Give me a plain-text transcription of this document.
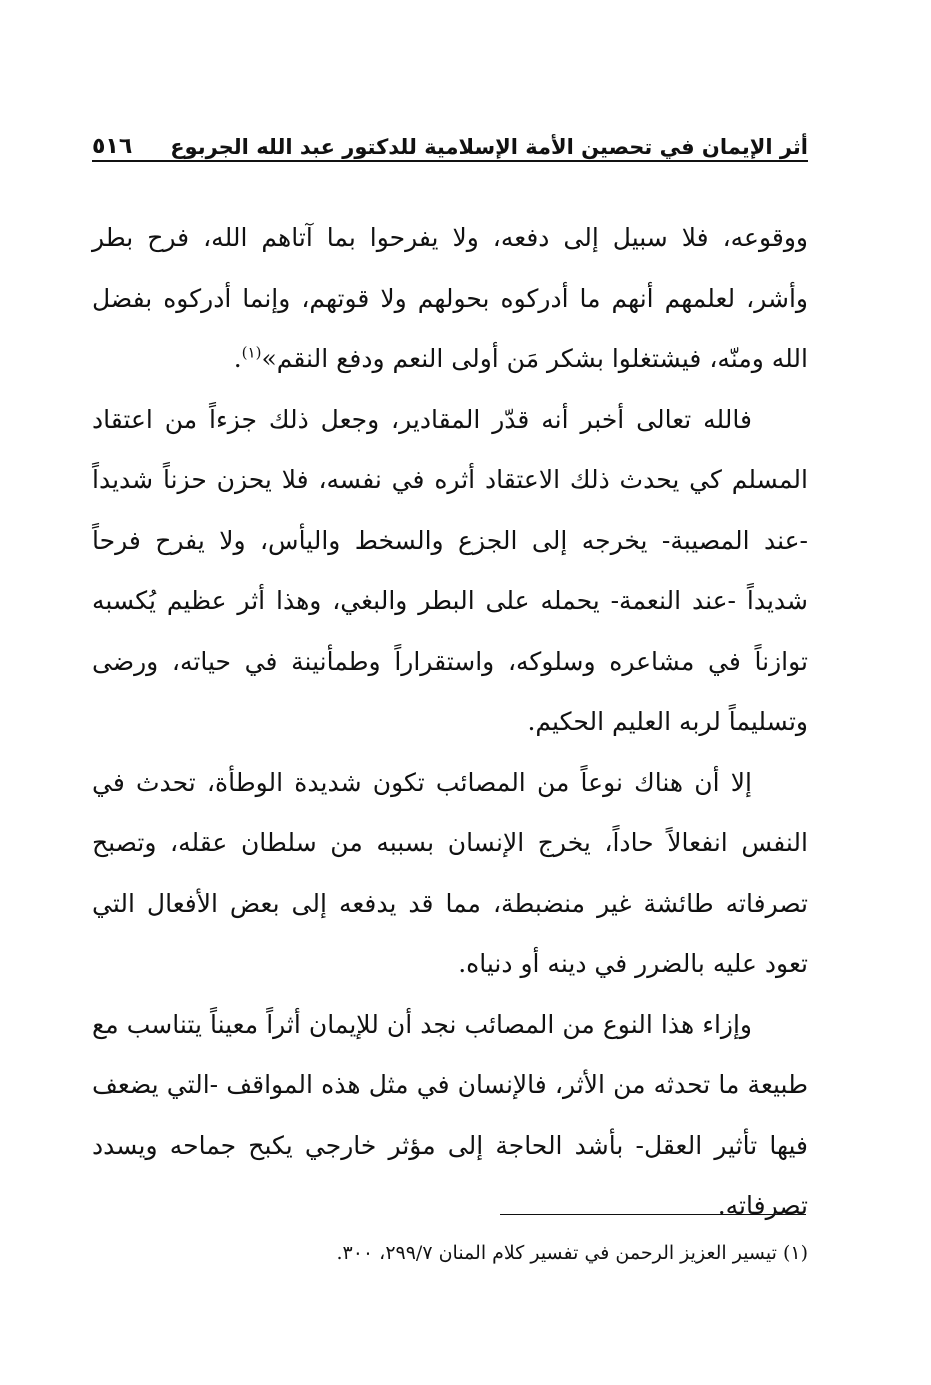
أثر الإيمان في تحصين الأمة الإسلامية للدكتور عبد الله الجربوع
٥١٦

ووقوعه، فلا سبيل إلى دفعه، ولا يفرحوا بما آتاهم الله، فرح بطر وأشر، لعلمهم أنهم ما أدركوه بحولهم ولا قوتهم، وإنما أدركوه بفضل الله ومنّه، فيشتغلوا بشكر مَن أولى النعم ودفع النقم»$^{(١)}$.

فالله تعالى أخبر أنه قدّر المقادير، وجعل ذلك جزءاً من اعتقاد المسلم كي يحدث ذلك الاعتقاد أثره في نفسه، فلا يحزن حزناً شديداً -عند المصيبة- يخرجه إلى الجزع والسخط واليأس، ولا يفرح فرحاً شديداً -عند النعمة- يحمله على البطر والبغي، وهذا أثر عظيم يُكسبه توازناً في مشاعره وسلوكه، واستقراراً وطمأنينة في حياته، ورضى وتسليماً لربه العليم الحكيم.

إلا أن هناك نوعاً من المصائب تكون شديدة الوطأة، تحدث في النفس انفعالاً حاداً، يخرج الإنسان بسببه من سلطان عقله، وتصبح تصرفاته طائشة غير منضبطة، مما قد يدفعه إلى بعض الأفعال التي تعود عليه بالضرر في دينه أو دنياه.

وإزاء هذا النوع من المصائب نجد أن للإيمان أثراً معيناً يتناسب مع طبيعة ما تحدثه من الأثر، فالإنسان في مثل هذه المواقف -التي يضعف فيها تأثير العقل- بأشد الحاجة إلى مؤثر خارجي يكبح جماحه ويسدد تصرفاته.

(١) تيسير العزيز الرحمن في تفسير كلام المنان ٢٩٩/٧، ٣٠٠.
